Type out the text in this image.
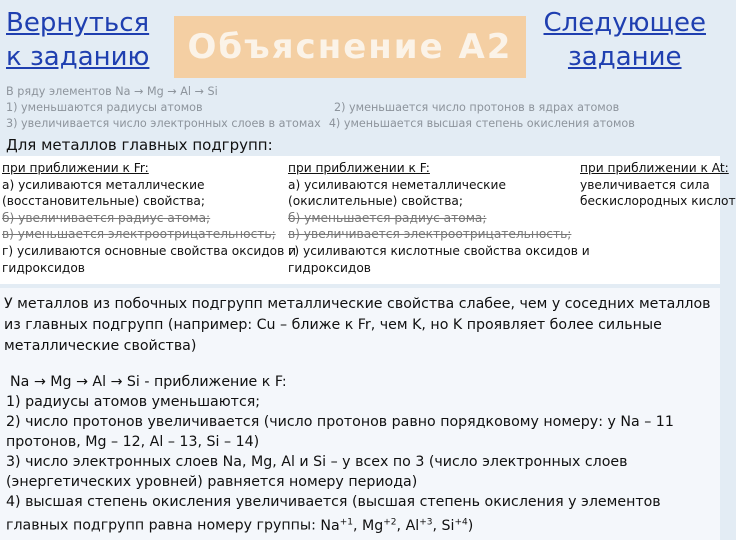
Вернуться
к заданию Объяснение А2
Следующее
задание
В ряду элементов Na → Mg → Al → Si
1) уменьшаются радиусы атомов	2) уменьшается число протонов в ядрах атомов
3) увеличивается число электронных слоев в атомах 4) уменьшается высшая степень окисления атомов
Для металлов главных подгрупп:
при приближении к Fr:
а) усиливаются металлические
(восстановительные) свойства;
б) увеличивается радиус атома;
в) уменьшается электроотрицательность;
г) усиливаются основные свойства оксидов и
гидроксидов
при приближении к F:
а) усиливаются неметаллические
(окислительные) свойства;
б) уменьшается радиус атома;
в) увеличивается электроотрицательность;
г) усиливаются кислотные свойства оксидов и
гидроксидов
при приближении к At:
увеличивается сила
бескислородных кислот
У металлов из побочных подгрупп металлические свойства слабее, чем у соседних металлов из главных подгрупп (например: Cu – ближе к Fr, чем K, но K проявляет более сильные металлические свойства)
Na → Mg → Al → Si - приближение к F:
1) радиусы атомов уменьшаются;
2) число протонов увеличивается (число протонов равно порядковому номеру: у Na – 11 протонов, Mg – 12, Al – 13, Si – 14)
3) число электронных слоев Na, Mg, Al и Si – у всех по 3 (число электронных слоев (энергетических уровней) равняется номеру периода)
4) высшая степень окисления увеличивается (высшая степень окисления у элементов главных подгрупп равна номеру группы: $Na^{+1}$, $Mg^{+2}$, $Al^{+3}$, $Si^{+4}$)
